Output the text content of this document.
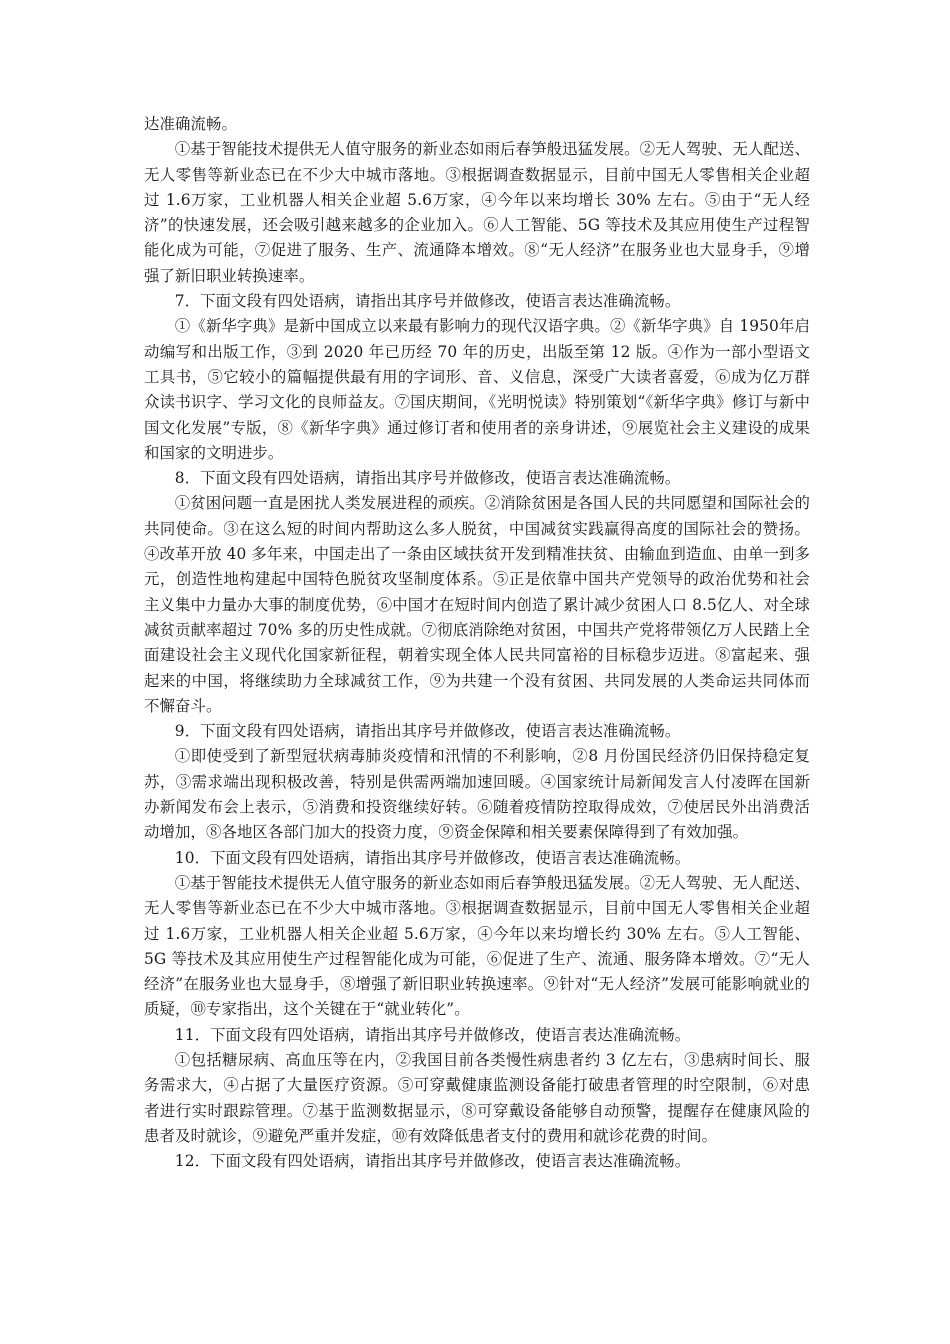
达准确流畅。

①基于智能技术提供无人值守服务的新业态如雨后春笋般迅猛发展。②无人驾驶、无人配送、无人零售等新业态已在不少大中城市落地。③根据调查数据显示，目前中国无人零售相关企业超过 1.6万家，工业机器人相关企业超 5.6万家，④今年以来均增长 30% 左右。⑤由于“无人经济”的快速发展，还会吸引越来越多的企业加入。⑥人工智能、5G 等技术及其应用使生产过程智能化成为可能，⑦促进了服务、生产、流通降本增效。⑧“无人经济”在服务业也大显身手，⑨增强了新旧职业转换速率。

7．下面文段有四处语病，请指出其序号并做修改，使语言表达准确流畅。

①《新华字典》是新中国成立以来最有影响力的现代汉语字典。②《新华字典》自 1950年启动编写和出版工作，③到 2020 年已历经 70 年的历史，出版至第 12 版。④作为一部小型语文工具书，⑤它较小的篇幅提供最有用的字词形、音、义信息，深受广大读者喜爱，⑥成为亿万群众读书识字、学习文化的良师益友。⑦国庆期间，《光明悦读》特别策划“《新华字典》修订与新中国文化发展”专版，⑧《新华字典》通过修订者和使用者的亲身讲述，⑨展览社会主义建设的成果和国家的文明进步。

8．下面文段有四处语病，请指出其序号并做修改，使语言表达准确流畅。

①贫困问题一直是困扰人类发展进程的顽疾。②消除贫困是各国人民的共同愿望和国际社会的共同使命。③在这么短的时间内帮助这么多人脱贫，中国减贫实践赢得高度的国际社会的赞扬。④改革开放 40 多年来，中国走出了一条由区域扶贫开发到精准扶贫、由输血到造血、由单一到多元，创造性地构建起中国特色脱贫攻坚制度体系。⑤正是依靠中国共产党领导的政治优势和社会主义集中力量办大事的制度优势，⑥中国才在短时间内创造了累计减少贫困人口 8.5亿人、对全球减贫贡献率超过 70% 多的历史性成就。⑦彻底消除绝对贫困，中国共产党将带领亿万人民踏上全面建设社会主义现代化国家新征程，朝着实现全体人民共同富裕的目标稳步迈进。⑧富起来、强起来的中国，将继续助力全球减贫工作，⑨为共建一个没有贫困、共同发展的人类命运共同体而不懈奋斗。

9．下面文段有四处语病，请指出其序号并做修改，使语言表达准确流畅。

①即使受到了新型冠状病毒肺炎疫情和汛情的不利影响，②8 月份国民经济仍旧保持稳定复苏，③需求端出现积极改善，特别是供需两端加速回暖。④国家统计局新闻发言人付凌晖在国新办新闻发布会上表示，⑤消费和投资继续好转。⑥随着疫情防控取得成效，⑦使居民外出消费活动增加，⑧各地区各部门加大的投资力度，⑨资金保障和相关要素保障得到了有效加强。

10．下面文段有四处语病，请指出其序号并做修改，使语言表达准确流畅。

①基于智能技术提供无人值守服务的新业态如雨后春笋般迅猛发展。②无人驾驶、无人配送、无人零售等新业态已在不少大中城市落地。③根据调查数据显示，目前中国无人零售相关企业超过 1.6万家，工业机器人相关企业超 5.6万家，④今年以来均增长约 30% 左右。⑤人工智能、5G 等技术及其应用使生产过程智能化成为可能，⑥促进了生产、流通、服务降本增效。⑦“无人经济”在服务业也大显身手，⑧增强了新旧职业转换速率。⑨针对“无人经济”发展可能影响就业的质疑，⑩专家指出，这个关键在于“就业转化”。

11．下面文段有四处语病，请指出其序号并做修改，使语言表达准确流畅。

①包括糖尿病、高血压等在内，②我国目前各类慢性病患者约 3 亿左右，③患病时间长、服务需求大，④占据了大量医疗资源。⑤可穿戴健康监测设备能打破患者管理的时空限制，⑥对患者进行实时跟踪管理。⑦基于监测数据显示，⑧可穿戴设备能够自动预警，提醒存在健康风险的患者及时就诊，⑨避免严重并发症，⑩有效降低患者支付的费用和就诊花费的时间。

12．下面文段有四处语病，请指出其序号并做修改，使语言表达准确流畅。
